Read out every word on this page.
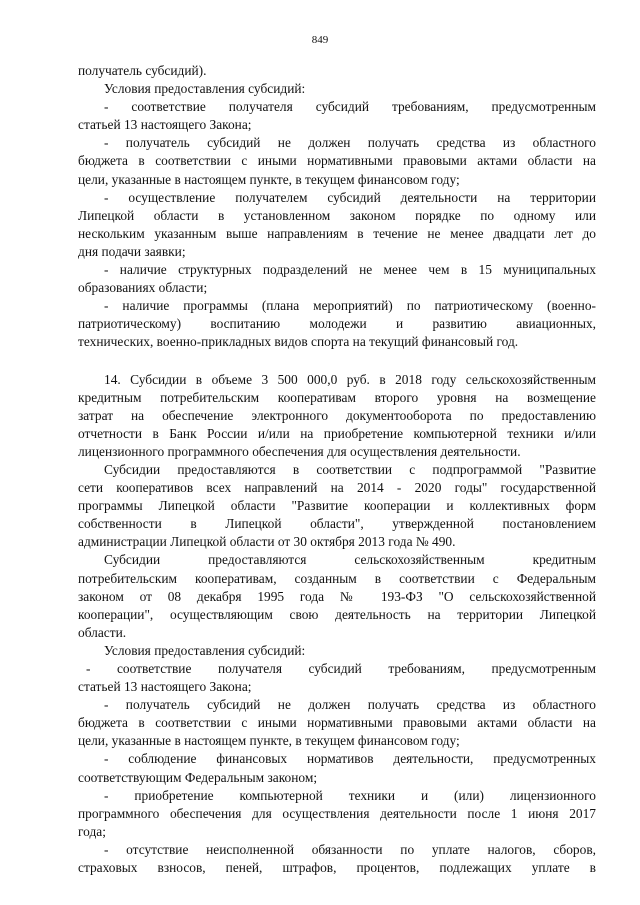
849
получатель субсидий).
Условия предоставления субсидий:
- соответствие получателя субсидий требованиям, предусмотренным
статьей 13 настоящего Закона;
- получатель субсидий не должен получать средства из областного
бюджета в соответствии с иными нормативными правовыми актами области на
цели, указанные в настоящем пункте, в текущем финансовом году;
- осуществление получателем субсидий деятельности на территории
Липецкой области в установленном законом порядке по одному или
нескольким указанным выше направлениям в течение не менее двадцати лет до
дня подачи заявки;
- наличие структурных подразделений не менее чем в 15 муниципальных
образованиях области;
- наличие программы (плана мероприятий) по патриотическому (военно-
патриотическому) воспитанию молодежи и развитию авиационных,
технических, военно-прикладных видов спорта на текущий финансовый год.
14. Субсидии в объеме 3 500 000,0 руб. в 2018 году сельскохозяйственным
кредитным потребительским кооперативам второго уровня на возмещение
затрат на обеспечение электронного документооборота по предоставлению
отчетности в Банк России и/или на приобретение компьютерной техники и/или
лицензионного программного обеспечения для осуществления деятельности.
Субсидии предоставляются в соответствии с подпрограммой "Развитие
сети кооперативов всех направлений на 2014 - 2020 годы" государственной
программы Липецкой области "Развитие кооперации и коллективных форм
собственности в Липецкой области", утвержденной постановлением
администрации Липецкой области от 30 октября 2013 года № 490.
Субсидии предоставляются сельскохозяйственным кредитным
потребительским кооперативам, созданным в соответствии с Федеральным
законом от 08 декабря 1995 года № 193-ФЗ "О сельскохозяйственной
кооперации", осуществляющим свою деятельность на территории Липецкой
области.
Условия предоставления субсидий:
- соответствие получателя субсидий требованиям, предусмотренным
статьей 13 настоящего Закона;
- получатель субсидий не должен получать средства из областного
бюджета в соответствии с иными нормативными правовыми актами области на
цели, указанные в настоящем пункте, в текущем финансовом году;
- соблюдение финансовых нормативов деятельности, предусмотренных
соответствующим Федеральным законом;
- приобретение компьютерной техники и (или) лицензионного
программного обеспечения для осуществления деятельности после 1 июня 2017
года;
- отсутствие неисполненной обязанности по уплате налогов, сборов,
страховых взносов, пеней, штрафов, процентов, подлежащих уплате в
